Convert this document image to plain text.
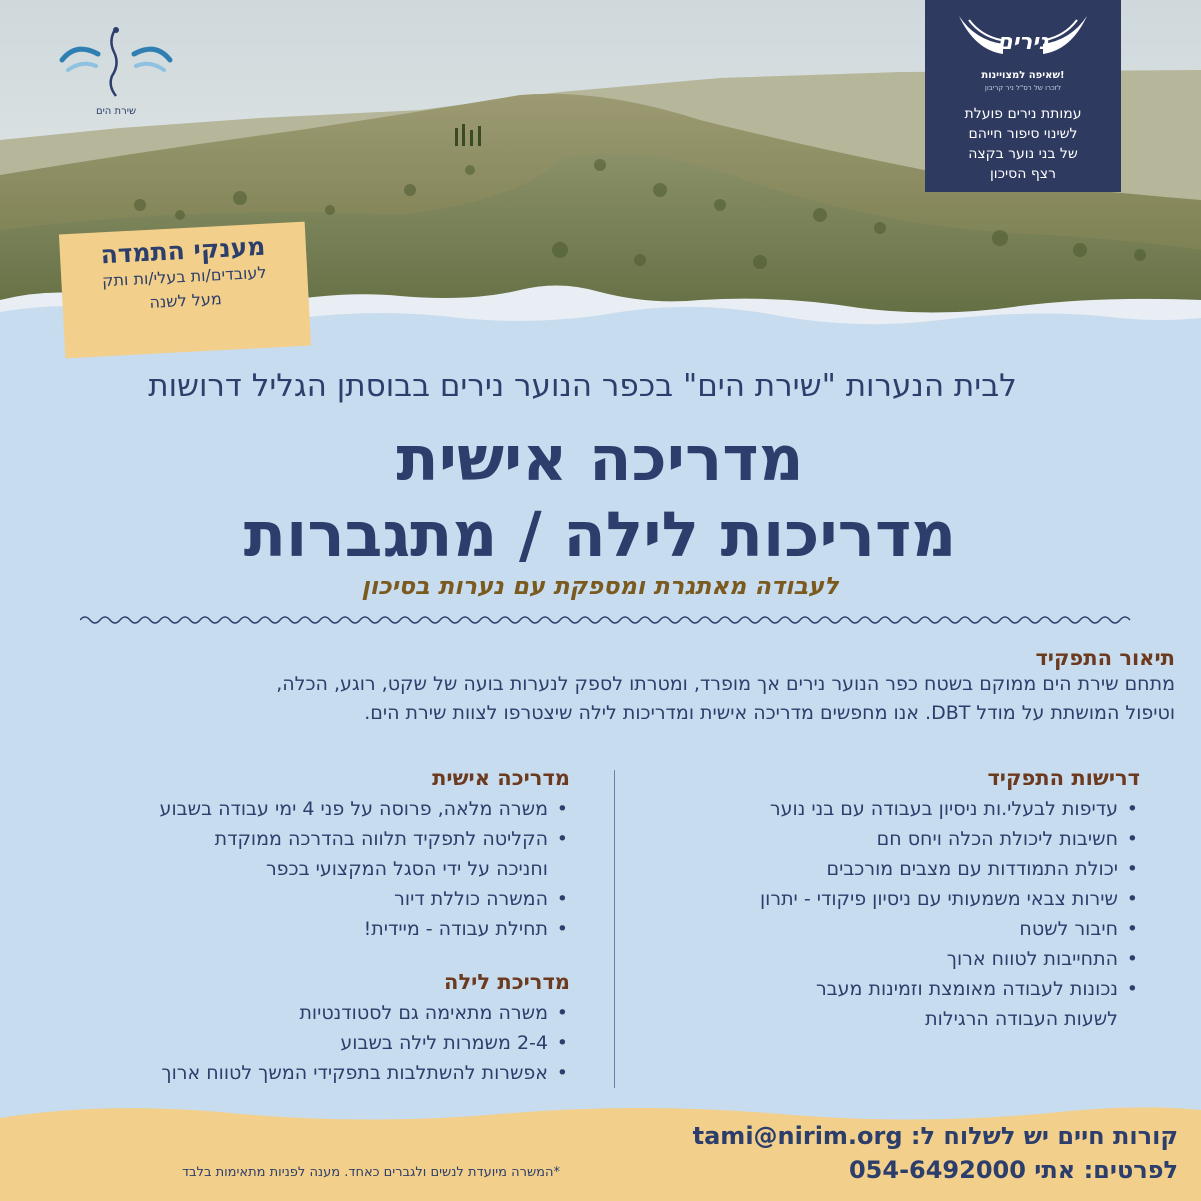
שירת הים
נירים
שאיפה למצויינות!
לזכרו של רס"ל ניר קריבון
עמותת נירים פועלת
לשינוי סיפור חייהם
של בני נוער בקצה
רצף הסיכון
מענקי התמדה
לעובדים/ות בעלי/ות ותק
מעל לשנה
לבית הנערות "שירת הים" בכפר הנוער נירים בבוסתן הגליל דרושות
מדריכה אישית
מדריכות לילה / מתגברות
לעבודה מאתגרת ומספקת עם נערות בסיכון
תיאור התפקיד
מתחם שירת הים ממוקם בשטח כפר הנוער נירים אך מופרד, ומטרתו לספק לנערות בועה של שקט, רוגע, הכלה,
וטיפול המושתת על מודל DBT. אנו מחפשים מדריכה אישית ומדריכות לילה שיצטרפו לצוות שירת הים.
דרישות התפקיד
• עדיפות לבעלי.ות ניסיון בעבודה עם בני נוער
• חשיבות ליכולת הכלה ויחס חם
• יכולת התמודדות עם מצבים מורכבים
• שירות צבאי משמעותי עם ניסיון פיקודי - יתרון
• חיבור לשטח
• התחייבות לטווח ארוך
• נכונות לעבודה מאומצת וזמינות מעבר
לשעות העבודה הרגילות
מדריכה אישית
• משרה מלאה, פרוסה על פני 4 ימי עבודה בשבוע
• הקליטה לתפקיד תלווה בהדרכה ממוקדת
וחניכה על ידי הסגל המקצועי בכפר
• המשרה כוללת דיור
• תחילת עבודה - מיידית!
מדריכת לילה
• משרה מתאימה גם לסטודנטיות
• 2-4 משמרות לילה בשבוע
• אפשרות להשתלבות בתפקידי המשך לטווח ארוך
קורות חיים יש לשלוח ל: tami@nirim.org
לפרטים: אתי 054-6492000
*המשרה מיועדת לנשים ולגברים כאחד. מענה לפניות מתאימות בלבד
